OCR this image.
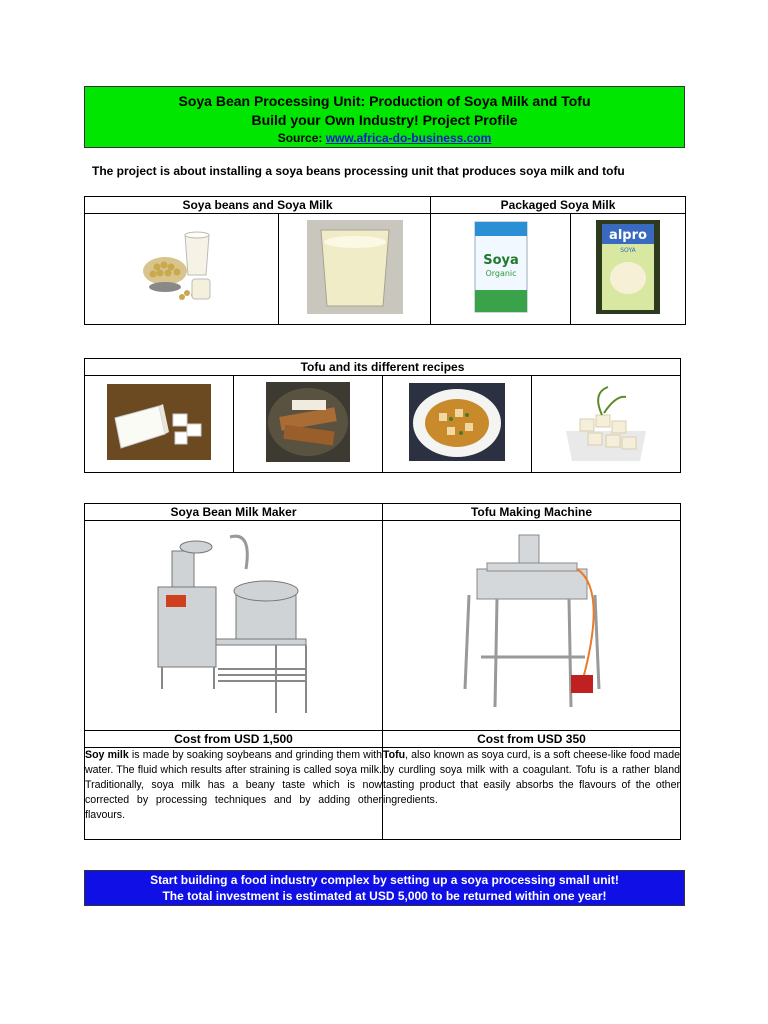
Soya Bean Processing Unit: Production of Soya Milk and Tofu
Build your Own Industry! Project Profile
Source: www.africa-do-business.com
The project is about installing a soya beans processing unit that produces soya milk and tofu
Soya beans and Soya Milk		Packaged Soya Milk	

Soya
Organic	alpro
SOYA
Tofu and its different recipes

Soya Bean Milk Maker	Tofu Making Machine

Cost from USD 1,500	Cost from USD 350
Soy milk is made by soaking soybeans and grinding them with water. The fluid which results after straining is called soya milk. Traditionally, soya milk has a beany taste which is now corrected by processing techniques and by adding other flavours.	Tofu, also known as soya curd, is a soft cheese-like food made by curdling soya milk with a coagulant. Tofu is a rather bland tasting product that easily absorbs the flavours of the other ingredients.
Start building a food industry complex by setting up a soya processing small unit!
The total investment is estimated at USD 5,000 to be returned within one year!
